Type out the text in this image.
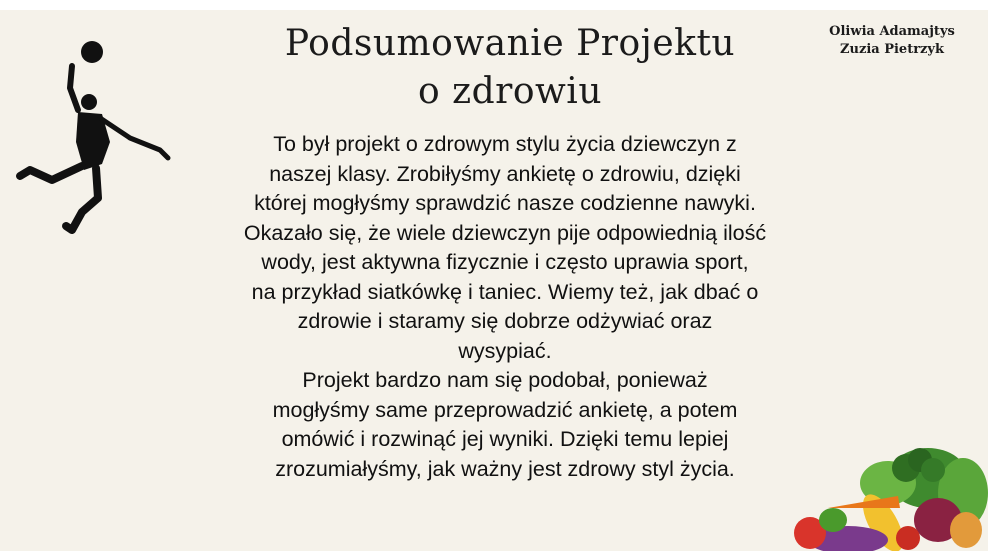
Podsumowanie Projektu
o zdrowiu
Oliwia Adamajtys
Zuzia Pietrzyk
To był projekt o zdrowym stylu życia dziewczyn z
naszej klasy. Zrobiłyśmy ankietę o zdrowiu, dzięki
której mogłyśmy sprawdzić nasze codzienne nawyki.
Okazało się, że wiele dziewczyn pije odpowiednią ilość
wody, jest aktywna fizycznie i często uprawia sport,
na przykład siatkówkę i taniec. Wiemy też, jak dbać o
zdrowie i staramy się dobrze odżywiać oraz
wysypiać.
Projekt bardzo nam się podobał, ponieważ
mogłyśmy same przeprowadzić ankietę, a potem
omówić i rozwinąć jej wyniki. Dzięki temu lepiej
zrozumiałyśmy, jak ważny jest zdrowy styl życia.
